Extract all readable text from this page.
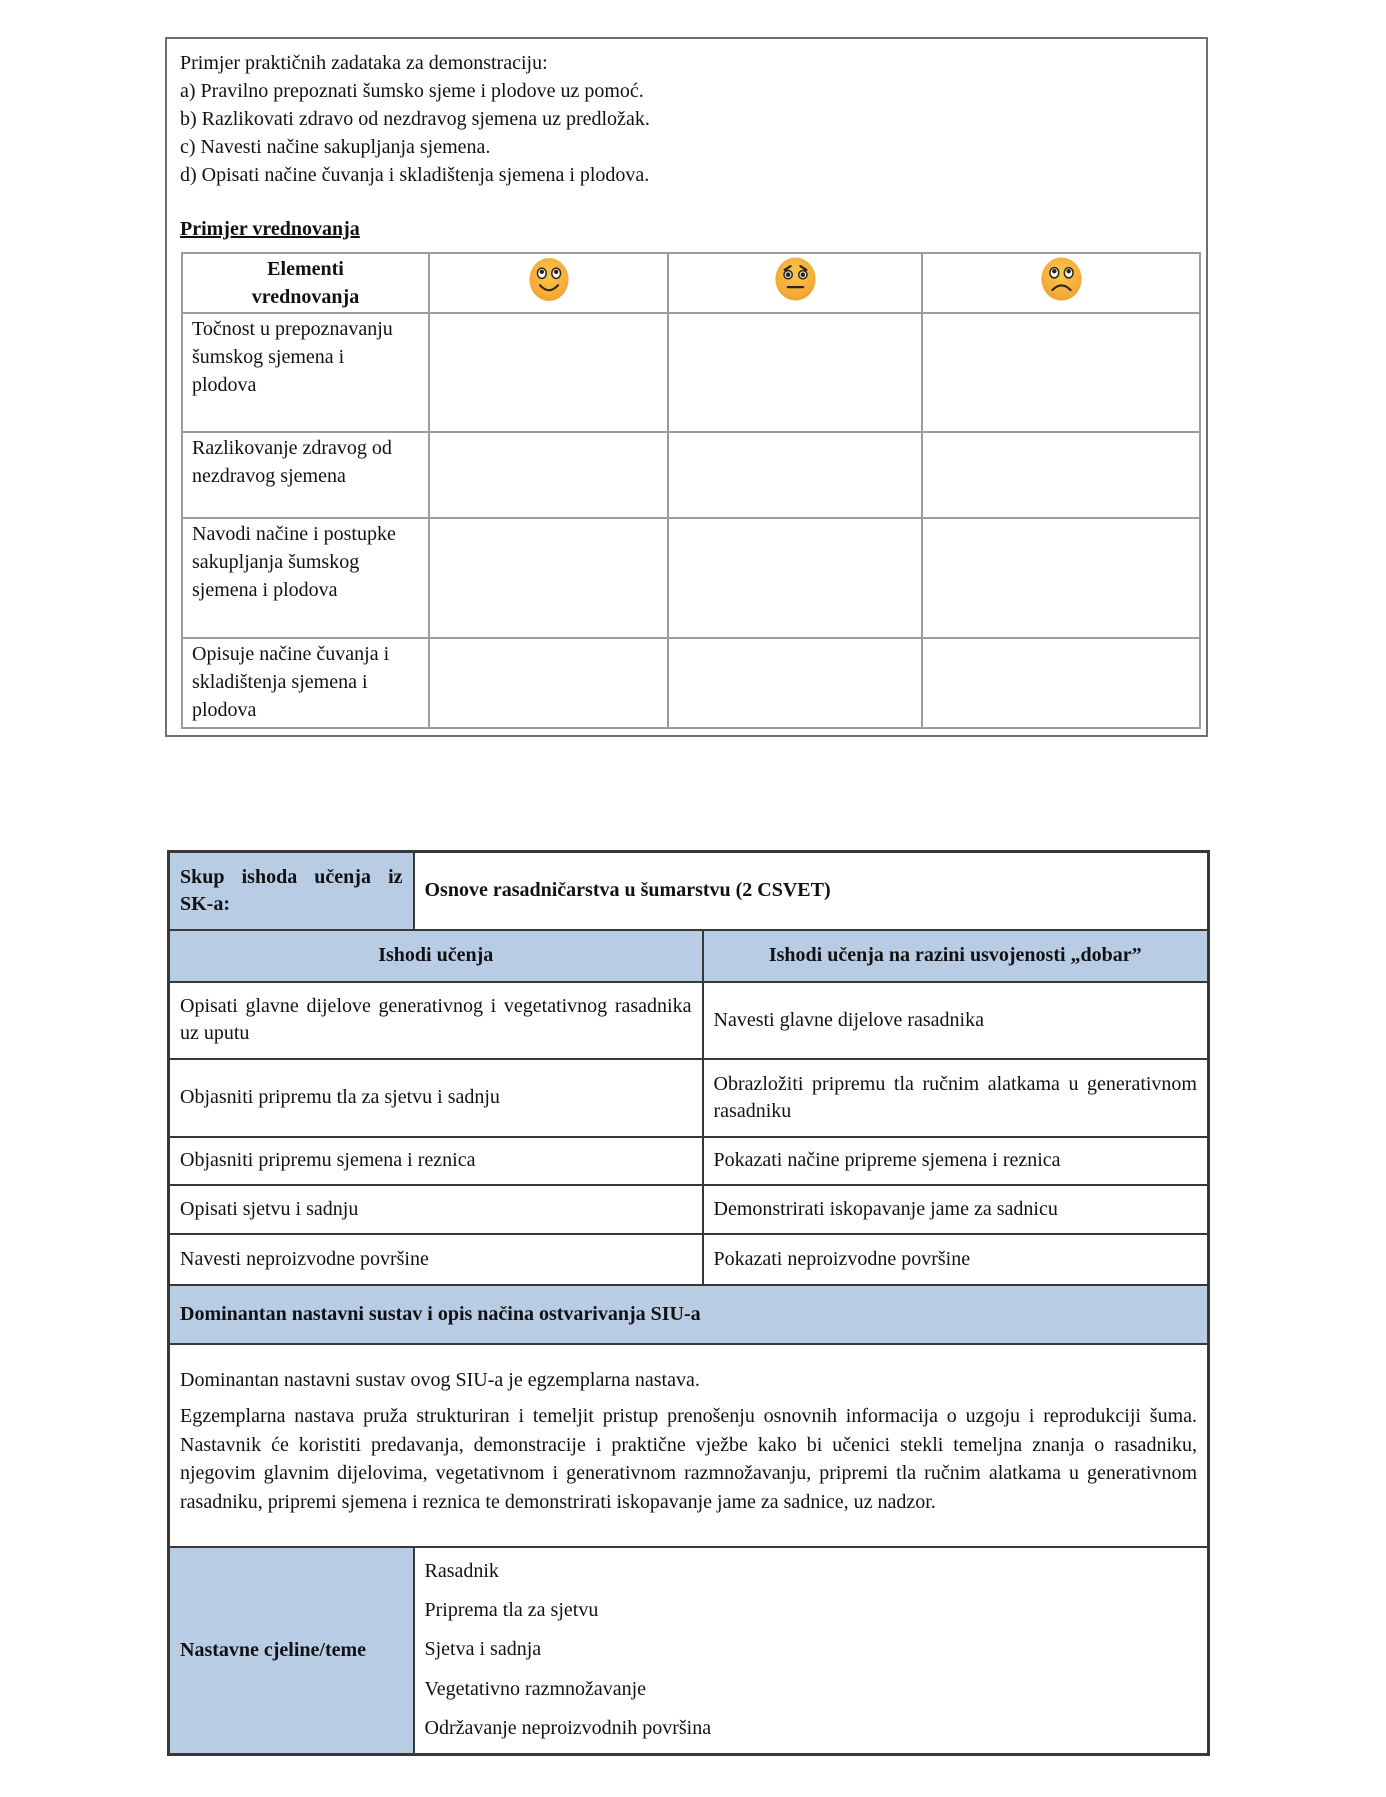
Primjer praktičnih zadataka za demonstraciju:
a) Pravilno prepoznati šumsko sjeme i plodove uz pomoć.
b) Razlikovati zdravo od nezdravog sjemena uz predložak.
c) Navesti načine sakupljanja sjemena.
d) Opisati načine čuvanja i skladištenja sjemena i plodova.
Primjer vrednovanja
Elementi
vrednovanja

Točnost u prepoznavanju šumskog sjemena i plodova			
Razlikovanje zdravog od nezdravog sjemena			
Navodi načine i postupke sakupljanja šumskog sjemena i plodova			
Opisuje načine čuvanja i skladištenja sjemena i plodova			
Skup ishoda učenja iz SK-a:	Osnove rasadničarstva u šumarstvu (2 CSVET)	
Ishodi učenja		Ishodi učenja na razini usvojenosti „dobar”
Opisati glavne dijelove generativnog i vegetativnog rasadnika uz uputu		Navesti glavne dijelove rasadnika
Objasniti pripremu tla za sjetvu i sadnju		Obrazložiti pripremu tla ručnim alatkama u generativnom rasadniku
Objasniti pripremu sjemena i reznica		Pokazati načine pripreme sjemena i reznica
Opisati sjetvu i sadnju		Demonstrirati iskopavanje jame za sadnicu
Navesti neproizvodne površine		Pokazati neproizvodne površine
Dominantan nastavni sustav i opis načina ostvarivanja SIU-a		

Dominantan nastavni sustav ovog SIU-a je egzemplarna nastava.

Egzemplarna nastava pruža strukturiran i temeljit pristup prenošenju osnovnih informacija o uzgoju i reprodukciji šuma. Nastavnik će koristiti predavanja, demonstracije i praktične vježbe kako bi učenici stekli temeljna znanja o rasadniku, njegovim glavnim dijelovima, vegetativnom i generativnom razmnožavanju, pripremi tla ručnim alatkama u generativnom rasadniku, pripremi sjemena i reznica te demonstrirati iskopavanje jame za sadnice, uz nadzor.		

Nastavne cjeline/teme	Rasadnik
Priprema tla za sjetvu
Sjetva i sadnja
Vegetativno razmnožavanje
Održavanje neproizvodnih površina	
